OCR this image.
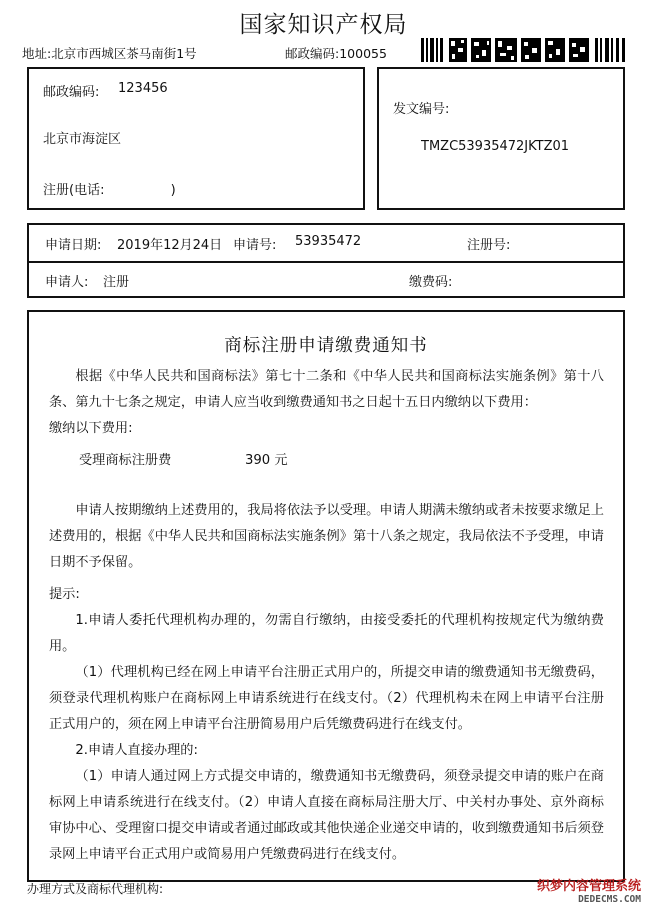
国家知识产权局
地址:北京市西城区茶马南街1号	邮政编码:100055
邮政编码: 123456
北京市海淀区
注册(电话:                )
发文编号:
TMZC53935472JKTZ01
申请日期: 2019年12月24日 申请号: 53935472	注册号:
申请人: 注册	缴费码:
商标注册申请缴费通知书
根据《中华人民共和国商标法》第七十二条和《中华人民共和国商标法实施条例》第十八条、第九十七条之规定，申请人应当收到缴费通知书之日起十五日内缴纳以下费用：
缴纳以下费用:
受理商标注册费	390 元
申请人按期缴纳上述费用的，我局将依法予以受理。申请人期满未缴纳或者未按要求缴足上述费用的，根据《中华人民共和国商标法实施条例》第十八条之规定，我局依法不予受理，申请日期不予保留。
提示:
1.申请人委托代理机构办理的，勿需自行缴纳，由接受委托的代理机构按规定代为缴纳费用。
（1）代理机构已经在网上申请平台注册正式用户的，所提交申请的缴费通知书无缴费码，须登录代理机构账户在商标网上申请系统进行在线支付。（2）代理机构未在网上申请平台注册正式用户的，须在网上申请平台注册简易用户后凭缴费码进行在线支付。
2.申请人直接办理的:
（1）申请人通过网上方式提交申请的，缴费通知书无缴费码，须登录提交申请的账户在商标网上申请系统进行在线支付。（2）申请人直接在商标局注册大厅、中关村办事处、京外商标审协中心、受理窗口提交申请或者通过邮政或其他快递企业递交申请的，收到缴费通知书后须登录网上申请平台正式用户或简易用户凭缴费码进行在线支付。
办理方式及商标代理机构:	织梦内容管理系统
DEDECMS.COM
